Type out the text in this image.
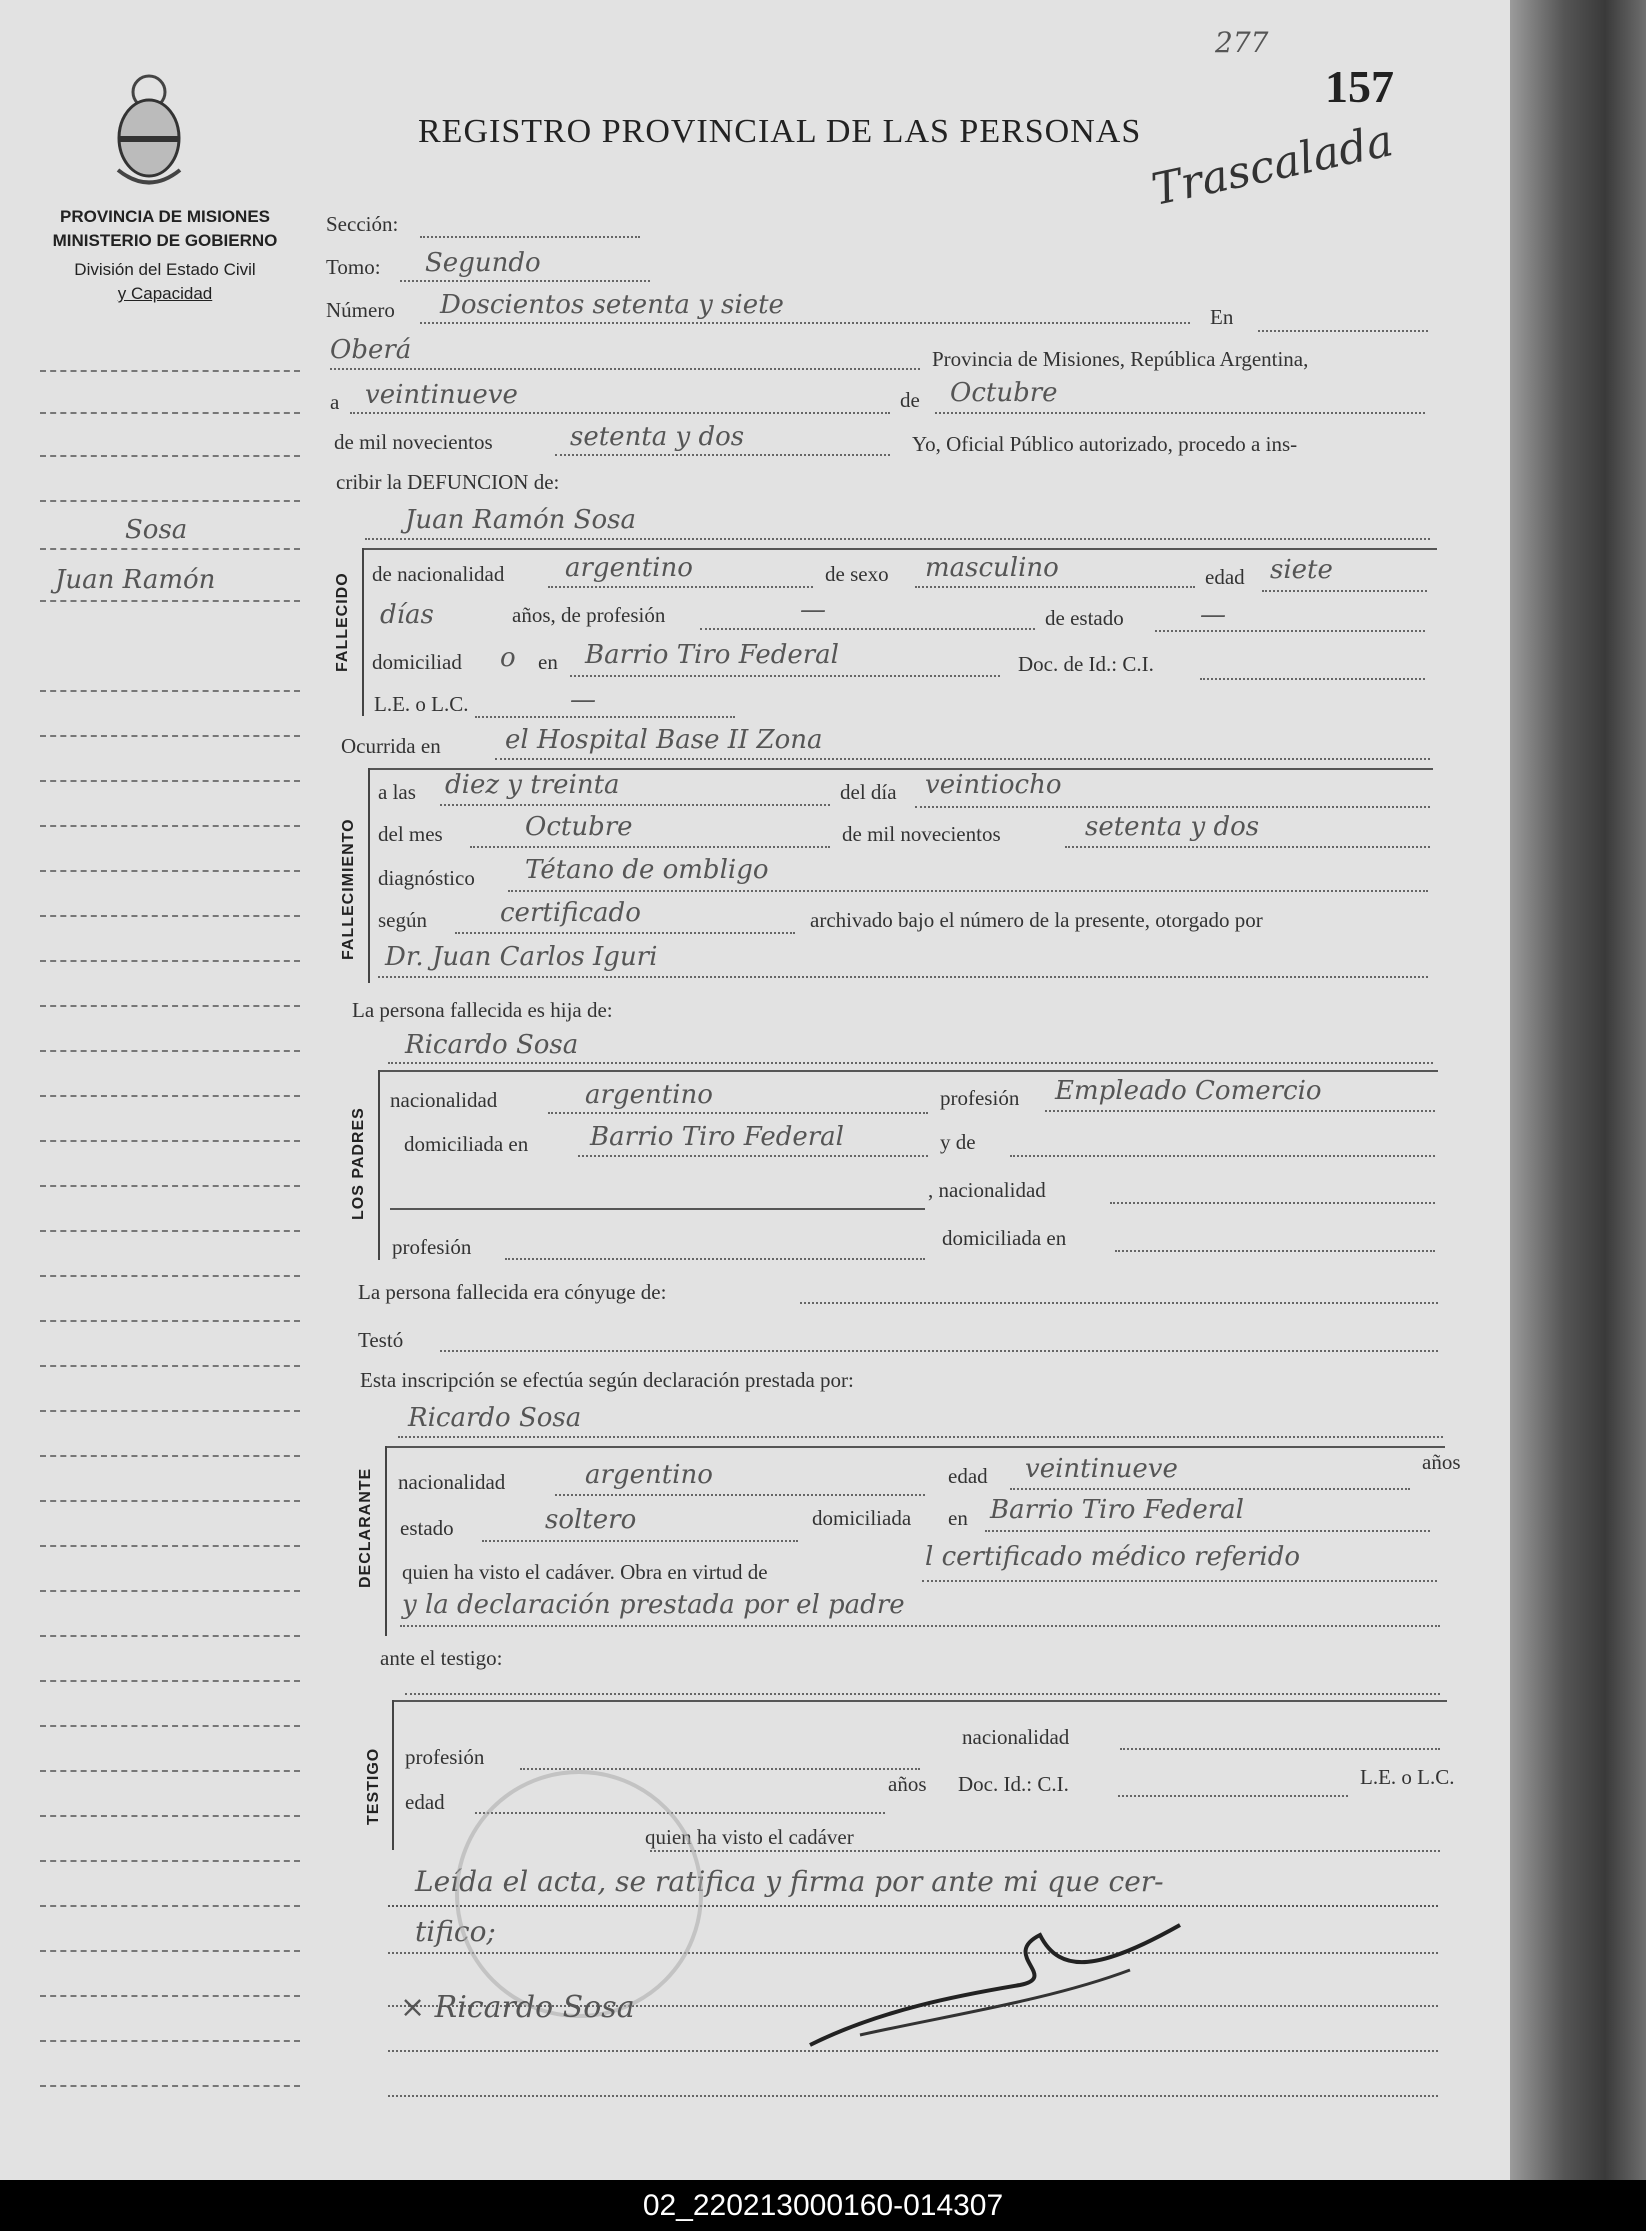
PROVINCIA DE MISIONES
MINISTERIO DE GOBIERNO
División del Estado Civil
y Capacidad
REGISTRO PROVINCIAL DE LAS PERSONAS
157
277
Trascalada
Sosa
Juan Ramón
Sección:
Tomo: Segundo
Número Doscientos setenta y siete	En
Oberá	Provincia de Misiones, República Argentina,
a veintinueve	de Octubre
de mil novecientos	setenta y dos	Yo, Oficial Público autorizado, procedo a ins-
cribir la DEFUNCION de:
Juan Ramón Sosa
FALLECIDO de nacionalidad argentino	de sexo masculino	edad siete
días	años, de profesión	—	de estado	—
domiciliad o en Barrio Tiro Federal	Doc. de Id.: C.I.
L.E. o L.C.	—
Ocurrida en el Hospital Base II Zona
FALLECIMIENTO
a las diez y treinta	del día veintiocho
del mes	Octubre	de mil novecientos	setenta y dos
diagnóstico Tétano de ombligo
según	certificado	archivado bajo el número de la presente, otorgado por
Dr. Juan Carlos Iguri
La persona fallecida es hija de:
Ricardo Sosa
LOS PADRES
nacionalidad	argentino	profesión Empleado Comercio
domiciliada en Barrio Tiro Federal	y de
, nacionalidad
profesión	domiciliada en
La persona fallecida era cónyuge de:
Testó
Esta inscripción se efectúa según declaración prestada por:
Ricardo Sosa
DECLARANTE nacionalidad	argentino	edad veintinueve	años
estado	soltero	domiciliada en Barrio Tiro Federal
quien ha visto el cadáver. Obra en virtud de	l certificado médico referido
y la declaración prestada por el padre
ante el testigo:
TESTIGO profesión
nacionalidad
edad
años Doc. Id.: C.I.	L.E. o L.C.
quien ha visto el cadáver
Leída el acta, se ratifica y firma por ante mi que cer-
tifico;
× Ricardo Sosa
02_220213000160-014307
